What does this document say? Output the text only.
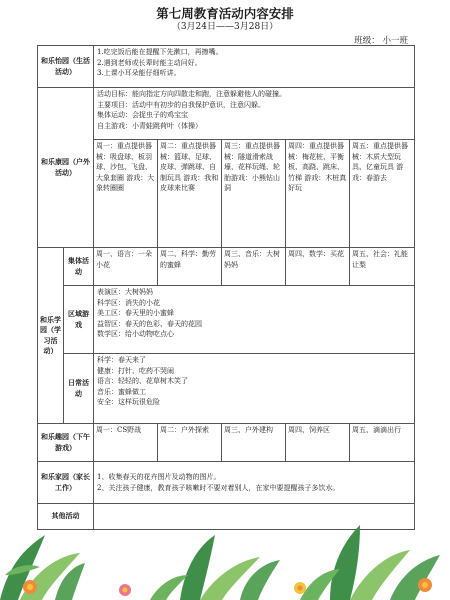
第七周教育活动内容安排
（3月24日——3月28日）
班级： 小一班
和乐怡园（生活活动）		1.吃完饭后能在提醒下先漱口，再擦嘴。
2.遇到老师或长辈时能主动问好。
3.上课小耳朵能仔细听讲。				

和乐康园（户外活动）		活动目标：能向指定方向四散走和跑，注意躲避他人的碰撞。
主要项目：活动中有初步的自我保护意识，注意闪躲。
集体运动：会捉虫子的鸡宝宝
自主游戏：小青蛙跳荷叶（体操）				

		周一：重点提供器械：吸盘球、板羽球、沙包、飞盘、大象套圈 游戏：大象转圈圈	周二：重点提供器械：篮球、足球、皮球、弹跳球、自制玩具 游戏：我和皮球来比赛	周三：重点提供器械：隧道滑索战壕、花样玩绳、轮胎游戏：小熊钻山洞	周四：重点提供器械：梅花桩、平衡板、高跷、跳床、竹梯 游戏：木桩真好玩	周五：重点提供器械：木质大型玩具、亿童玩具 游戏：春游去
和乐学园（学习活动）	集体活动	周一、语言：一朵小花	周二、科学：勤劳的蜜蜂	周三、音乐：大树妈妈	周四、数学：买花	周五、社会：礼能让梨
	区域游戏	表演区：大树妈妈
科学区：消失的小花
美工区：春天里的小蜜蜂
益智区：春天的色彩、春天的花园
数学区：给小动物吃点心				

	日常活动	科学：春天来了
健康：打针、吃药不哭闹
语言：轻轻的、花草树木笑了
音乐：蜜蜂做工
安全：这样玩很危险				

和乐趣园（下午游戏）		周一：CS野战	周二：户外探索	周三、户外建构	周四、饲养区	周五、滴滴出行
和乐家园（家长工作）		1、收集春天的花卉图片及动物的图片。
2、关注孩子健康，教育孩子咳嗽时不要对着别人，在家中要提醒孩子多饮水。				

其他活动						
